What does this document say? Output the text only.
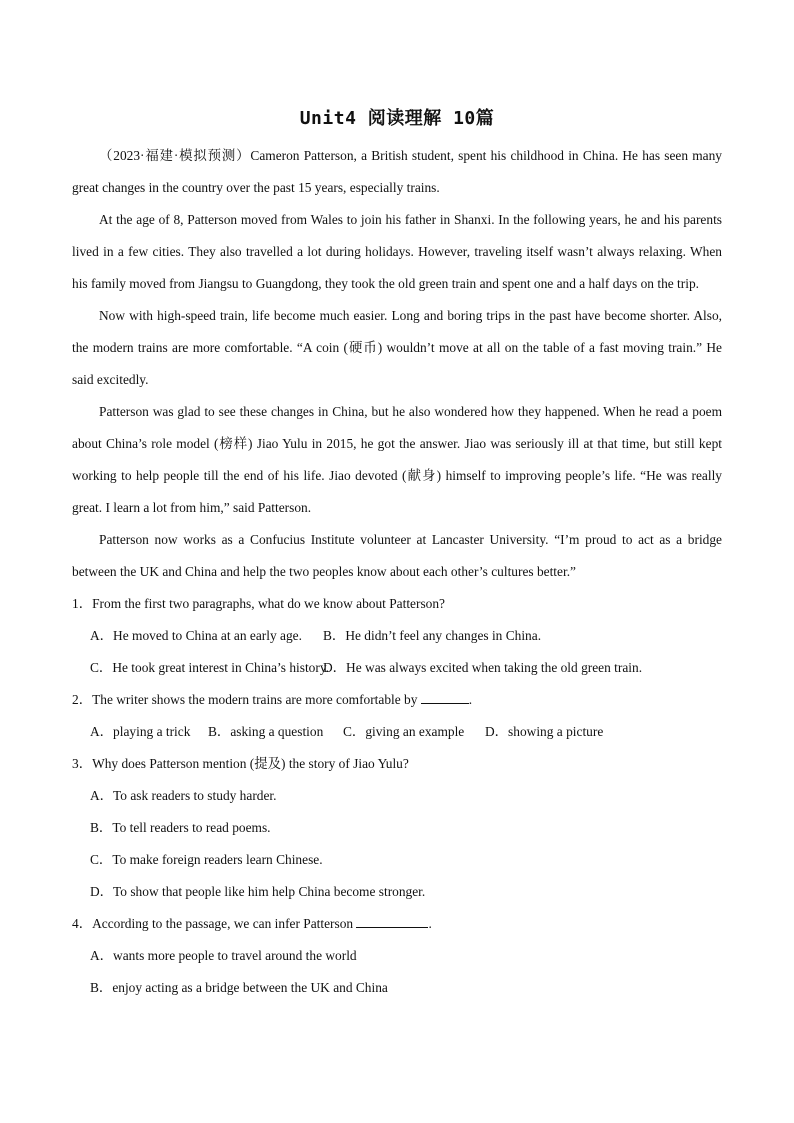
Unit4 阅读理解 10篇

（2023·福建·模拟预测）Cameron Patterson, a British student, spent his childhood in China. He has seen many great changes in the country over the past 15 years, especially trains.

At the age of 8, Patterson moved from Wales to join his father in Shanxi. In the following years, he and his parents lived in a few cities. They also travelled a lot during holidays. However, traveling itself wasn’t always relaxing. When his family moved from Jiangsu to Guangdong, they took the old green train and spent one and a half days on the trip.

Now with high-speed train, life become much easier. Long and boring trips in the past have become shorter. Also, the modern trains are more comfortable. “A coin (硬币) wouldn’t move at all on the table of a fast moving train.” He said excitedly.

Patterson was glad to see these changes in China, but he also wondered how they happened. When he read a poem about China’s role model (榜样) Jiao Yulu in 2015, he got the answer. Jiao was seriously ill at that time, but still kept working to help people till the end of his life. Jiao devoted (献身) himself to improving people’s life. “He was really great. I learn a lot from him,” said Patterson.

Patterson now works as a Confucius Institute volunteer at Lancaster University. “I’m proud to act as a bridge between the UK and China and help the two peoples know about each other’s cultures better.”

1．From the first two paragraphs, what do we know about Patterson?

A．He moved to China at an early age. B．He didn’t feel any changes in China.

C．He took great interest in China’s history.D．He was always excited when taking the old green train.

2．The writer shows the modern trains are more comfortable by	.

A．playing a trick B．asking a question C．giving an example D．showing a picture

3．Why does Patterson mention (提及) the story of Jiao Yulu?

A．To ask readers to study harder.

B．To tell readers to read poems.

C．To make foreign readers learn Chinese.

D．To show that people like him help China become stronger.

4．According to the passage, we can infer Patterson	.

A．wants more people to travel around the world

B．enjoy acting as a bridge between the UK and China
